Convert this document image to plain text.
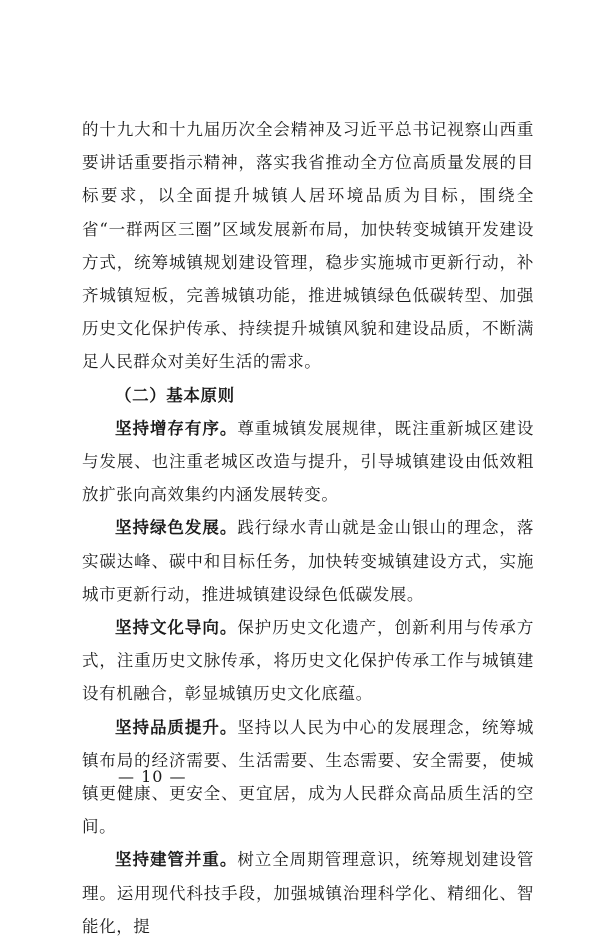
的十九大和十九届历次全会精神及习近平总书记视察山西重要讲话重要指示精神，落实我省推动全方位高质量发展的目标要求，以全面提升城镇人居环境品质为目标，围绕全省“一群两区三圈”区域发展新布局，加快转变城镇开发建设方式，统筹城镇规划建设管理，稳步实施城市更新行动，补齐城镇短板，完善城镇功能，推进城镇绿色低碳转型、加强历史文化保护传承、持续提升城镇风貌和建设品质，不断满足人民群众对美好生活的需求。

（二）基本原则

坚持增存有序。尊重城镇发展规律，既注重新城区建设与发展、也注重老城区改造与提升，引导城镇建设由低效粗放扩张向高效集约内涵发展转变。

坚持绿色发展。践行绿水青山就是金山银山的理念，落实碳达峰、碳中和目标任务，加快转变城镇建设方式，实施城市更新行动，推进城镇建设绿色低碳发展。

坚持文化导向。保护历史文化遗产，创新利用与传承方式，注重历史文脉传承，将历史文化保护传承工作与城镇建设有机融合，彰显城镇历史文化底蕴。

坚持品质提升。坚持以人民为中心的发展理念，统筹城镇布局的经济需要、生活需要、生态需要、安全需要，使城镇更健康、更安全、更宜居，成为人民群众高品质生活的空间。

坚持建管并重。树立全周期管理意识，统筹规划建设管理。运用现代科技手段，加强城镇治理科学化、精细化、智能化，提

— 10 —
